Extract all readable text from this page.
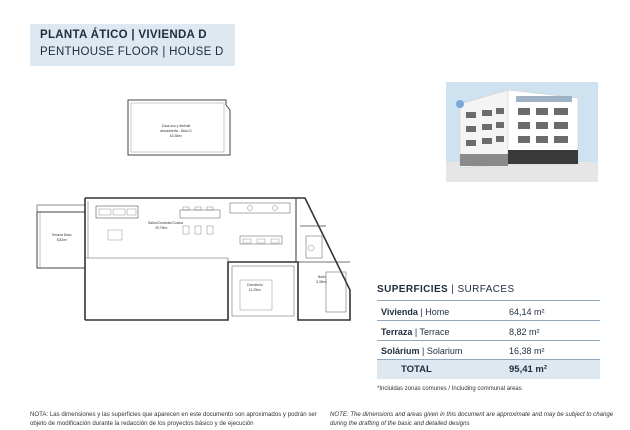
PLANTA ÁTICO | VIVIENDA D
PENTHOUSE FLOOR | HOUSE D
Zona uso y disfrute
descubierta - Ático D
16,38m²
Terraza Desc.
8,82m²
Salón/Comedor/Cocina
29,79m²
Dormitorio
11,25m²
Baño
3,35m²
SUPERFICIES | SURFACES
Vivienda | Home	64,14 m²
Terraza | Terrace	8,82 m²
Solárium | Solarium	16,38 m²
TOTAL	95,41 m²
*Incluidas zonas comunes / Including communal areas
NOTA: Las dimensiones y las superficies que aparecen en este documento son aproximados y podrán ser objeto de modificación durante la redacción de los proyectos básico y de ejecución
NOTE: The dimensions and areas given in this document are approximate and may be subject to change during the drafting of the basic and detailed designs
